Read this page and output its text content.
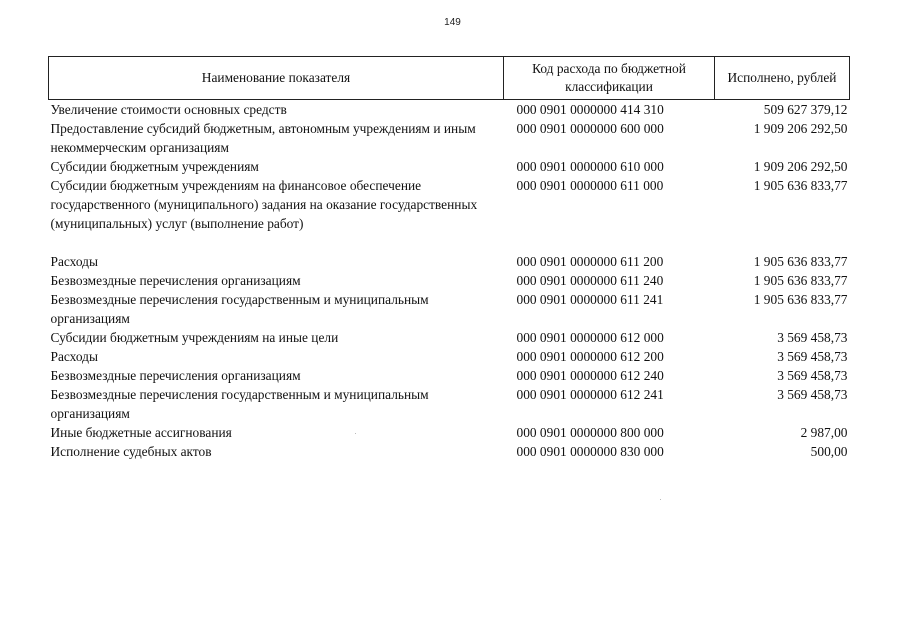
149
Наименование показателя	Код расхода по бюджетной классификации	Исполнено, рублей
Увеличение стоимости основных средств	000 0901 0000000 414 310	509 627 379,12
Предоставление субсидий бюджетным, автономным учреждениям и иным некоммерческим организациям	000 0901 0000000 600 000	1 909 206 292,50
Субсидии бюджетным учреждениям	000 0901 0000000 610 000	1 909 206 292,50
Субсидии бюджетным учреждениям на финансовое обеспечение государственного (муниципального) задания на оказание государственных (муниципальных) услуг (выполнение работ)	000 0901 0000000 611 000	1 905 636 833,77
Расходы	000 0901 0000000 611 200	1 905 636 833,77
Безвозмездные перечисления организациям	000 0901 0000000 611 240	1 905 636 833,77
Безвозмездные перечисления государственным и муниципальным организациям	000 0901 0000000 611 241	1 905 636 833,77
Субсидии бюджетным учреждениям на иные цели	000 0901 0000000 612 000	3 569 458,73
Расходы	000 0901 0000000 612 200	3 569 458,73
Безвозмездные перечисления организациям	000 0901 0000000 612 240	3 569 458,73
Безвозмездные перечисления государственным и муниципальным организациям	000 0901 0000000 612 241	3 569 458,73
Иные бюджетные ассигнования	000 0901 0000000 800 000	2 987,00
Исполнение судебных актов	000 0901 0000000 830 000	500,00
